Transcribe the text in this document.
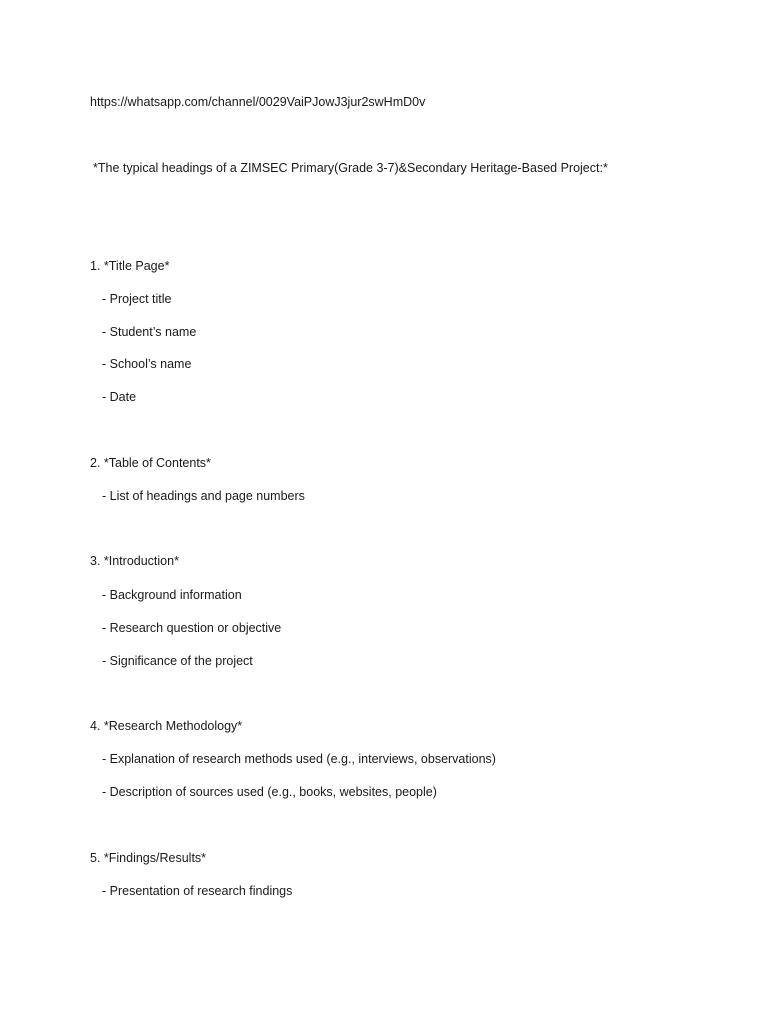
https://whatsapp.com/channel/0029VaiPJowJ3jur2swHmD0v
*The typical headings of a ZIMSEC Primary(Grade 3-7)&Secondary Heritage-Based Project:*
1. *Title Page*
- Project title
- Student’s name
- School’s name
- Date
2. *Table of Contents*
- List of headings and page numbers
3. *Introduction*
- Background information
- Research question or objective
- Significance of the project
4. *Research Methodology*
- Explanation of research methods used (e.g., interviews, observations)
- Description of sources used (e.g., books, websites, people)
5. *Findings/Results*
- Presentation of research findings
